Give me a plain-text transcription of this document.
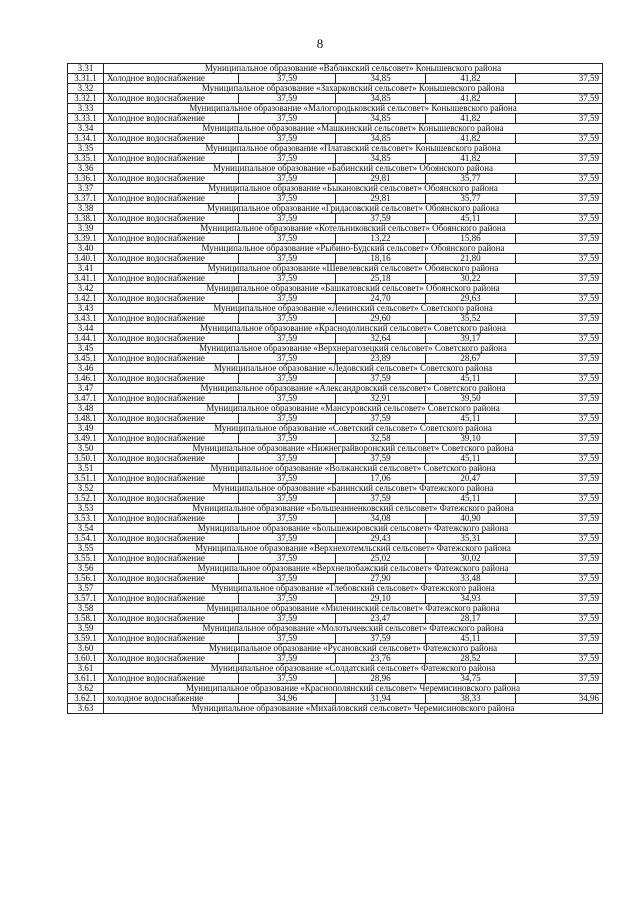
8
3.31	Муниципальное образование «Вабликский сельсовет» Конышевского района				
3.31.1	Холодное водоснабжение	37,59	34,85	41,82	37,59
3.32	Муниципальное образование «Захарковский сельсовет» Конышевского района				
3.32.1	Холодное водоснабжение	37,59	34,85	41,82	37,59
3.33	Муниципальное образование «Малогородьковский сельсовет» Конышевского района				
3.33.1	Холодное водоснабжение	37,59	34,85	41,82	37,59
3.34	Муниципальное образование «Машкинский сельсовет» Конышевского района				
3.34.1	Холодное водоснабжение	37,59	34,85	41,82	37,59
3.35	Муниципальное образование «Платавский сельсовет» Конышевского района				
3.35.1	Холодное водоснабжение	37,59	34,85	41,82	37,59
3.36	Муниципальное образование «Бабинский сельсовет» Обоянского района				
3.36.1	Холодное водоснабжение	37,59	29,81	35,77	37,59
3.37	Муниципальное образование «Быкановский сельсовет» Обоянского района				
3.37.1	Холодное водоснабжение	37,59	29,81	35,77	37,59
3.38	Муниципальное образование «Гридасовский сельсовет» Обоянского района				
3.38.1	Холодное водоснабжение	37,59	37,59	45,11	37,59
3.39	Муниципальное образование «Котельниковский сельсовет» Обоянского района				
3.39.1	Холодное водоснабжение	37,59	13,22	15,86	37,59
3.40	Муниципальное образование «Рыбино-Будский сельсовет» Обоянского района				
3.40.1	Холодное водоснабжение	37,59	18,16	21,80	37,59
3.41	Муниципальное образование «Шевелевский сельсовет» Обоянского района				
3.41.1	Холодное водоснабжение	37,59	25,18	30,22	37,59
3.42	Муниципальное образование «Башкатовский сельсовет» Обоянского района				
3.42.1	Холодное водоснабжение	37,59	24,70	29,63	37,59
3.43	Муниципальное образование «Ленинский сельсовет» Советского района				
3.43.1	Холодное водоснабжение	37,59	29,60	35,52	37,59
3.44	Муниципальное образование «Краснодолинский сельсовет» Советского района				
3.44.1	Холодное водоснабжение	37,59	32,64	39,17	37,59
3.45	Муниципальное образование «Верхнерагозецкий сельсовет» Советского района				
3.45.1	Холодное водоснабжение	37,59	23,89	28,67	37,59
3.46	Муниципальное образование «Ледовский сельсовет» Советского района				
3.46.1	Холодное водоснабжение	37,59	37,59	45,11	37,59
3.47	Муниципальное образование «Александровский сельсовет» Советского района				
3.47.1	Холодное водоснабжение	37,59	32,91	39,50	37,59
3.48	Муниципальное образование «Мансуровский сельсовет» Советского района				
3.48.1	Холодное водоснабжение	37,59	37,59	45,11	37,59
3.49	Муниципальное образование «Советский сельсовет» Советского района				
3.49.1	Холодное водоснабжение	37,59	32,58	39,10	37,59
3.50	Муниципальное образование «Нижнеграйворонский сельсовет» Советского района				
3.50.1	Холодное водоснабжение	37,59	37,59	45,11	37,59
3.51	Муниципальное образование «Волжанский сельсовет» Советского района				
3.51.1	Холодное водоснабжение	37,59	17,06	20,47	37,59
3.52	Муниципальное образование «Банинский сельсовет» Фатежского района				
3.52.1	Холодное водоснабжение	37,59	37,59	45,11	37,59
3.53	Муниципальное образование «Большеанненковский сельсовет» Фатежского района				
3.53.1	Холодное водоснабжение	37,59	34,08	40,90	37,59
3.54	Муниципальное образование «Большежировский сельсовет» Фатежского района				
3.54.1	Холодное водоснабжение	37,59	29,43	35,31	37,59
3.55	Муниципальное образование «Верхнехотемльский сельсовет» Фатежского района				
3.55.1	Холодное водоснабжение	37,59	25,02	30,02	37,59
3.56	Муниципальное образование «Верхнелюбажский сельсовет» Фатежского района				
3.56.1	Холодное водоснабжение	37,59	27,90	33,48	37,59
3.57	Муниципальное образование «Глебовский сельсовет» Фатежского района				
3.57.1	Холодное водоснабжение	37,59	29,10	34,93	37,59
3.58	Муниципальное образование «Миленинский сельсовет» Фатежского района				
3.58.1	Холодное водоснабжение	37,59	23,47	28,17	37,59
3.59	Муниципальное образование «Молотычевский сельсовет» Фатежского района				
3.59.1	Холодное водоснабжение	37,59	37,59	45,11	37,59
3.60	Муниципальное образование «Русановский сельсовет» Фатежского района				
3.60.1	Холодное водоснабжение	37,59	23,76	28,52	37,59
3.61	Муниципальное образование «Солдатский сельсовет» Фатежского района				
3.61.1	Холодное водоснабжение	37,59	28,96	34,75	37,59
3.62	Муниципальное образование «Краснополянский сельсовет» Черемисиновского района				
3.62.1	холодное водоснабжение	34,96	31,94	38,33	34,96
3.63	Муниципальное образование «Михайловский сельсовет» Черемисиновского района				
